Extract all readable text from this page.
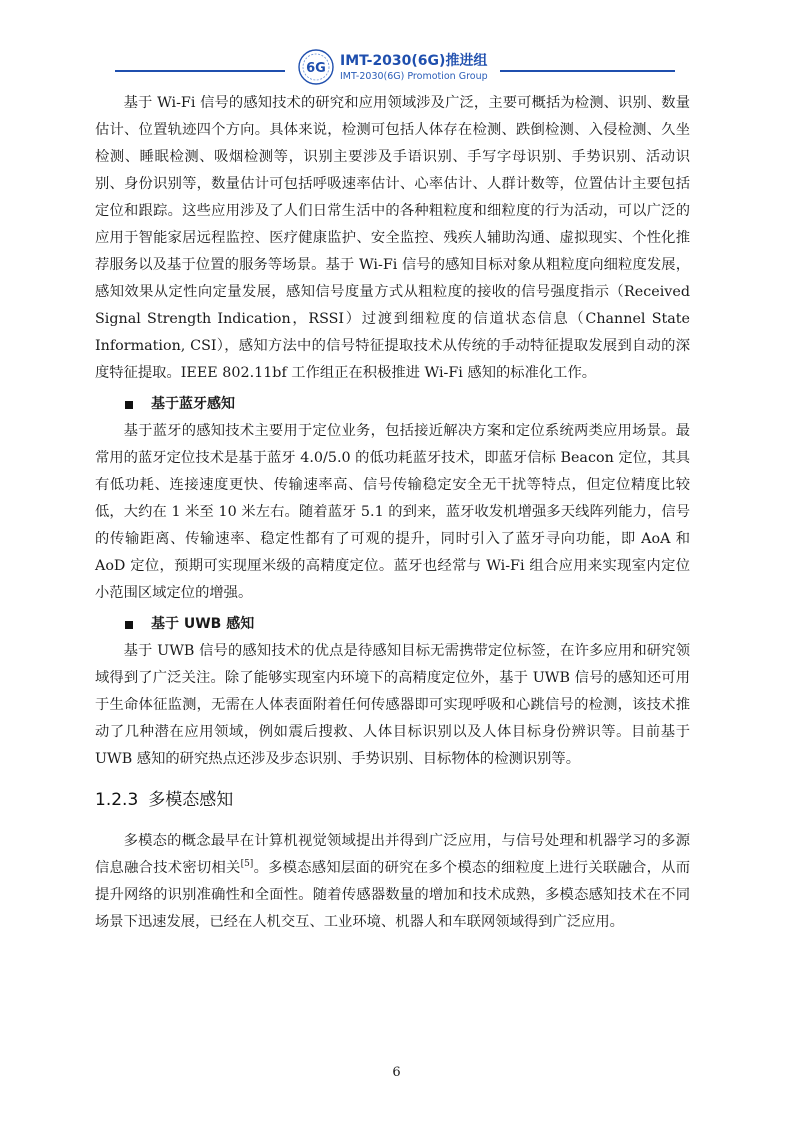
6G IMT-2030(6G)推进组
IMT-2030(6G) Promotion Group

基于 Wi-Fi 信号的感知技术的研究和应用领域涉及广泛，主要可概括为检测、识别、数量估计、位置轨迹四个方向。具体来说，检测可包括人体存在检测、跌倒检测、入侵检测、久坐检测、睡眠检测、吸烟检测等，识别主要涉及手语识别、手写字母识别、手势识别、活动识别、身份识别等，数量估计可包括呼吸速率估计、心率估计、人群计数等，位置估计主要包括定位和跟踪。这些应用涉及了人们日常生活中的各种粗粒度和细粒度的行为活动，可以广泛的应用于智能家居远程监控、医疗健康监护、安全监控、残疾人辅助沟通、虚拟现实、个性化推荐服务以及基于位置的服务等场景。基于 Wi-Fi 信号的感知目标对象从粗粒度向细粒度发展，感知效果从定性向定量发展，感知信号度量方式从粗粒度的接收的信号强度指示（Received Signal Strength Indication，RSSI）过渡到细粒度的信道状态信息（Channel State Information, CSI），感知方法中的信号特征提取技术从传统的手动特征提取发展到自动的深度特征提取。IEEE 802.11bf 工作组正在积极推进 Wi-Fi 感知的标准化工作。

基于蓝牙感知

基于蓝牙的感知技术主要用于定位业务，包括接近解决方案和定位系统两类应用场景。最常用的蓝牙定位技术是基于蓝牙 4.0/5.0 的低功耗蓝牙技术，即蓝牙信标 Beacon 定位，其具有低功耗、连接速度更快、传输速率高、信号传输稳定安全无干扰等特点，但定位精度比较低，大约在 1 米至 10 米左右。随着蓝牙 5.1 的到来，蓝牙收发机增强多天线阵列能力，信号的传输距离、传输速率、稳定性都有了可观的提升，同时引入了蓝牙寻向功能，即 AoA 和 AoD 定位，预期可实现厘米级的高精度定位。蓝牙也经常与 Wi-Fi 组合应用来实现室内定位小范围区域定位的增强。

基于 UWB 感知

基于 UWB 信号的感知技术的优点是待感知目标无需携带定位标签，在许多应用和研究领域得到了广泛关注。除了能够实现室内环境下的高精度定位外，基于 UWB 信号的感知还可用于生命体征监测，无需在人体表面附着任何传感器即可实现呼吸和心跳信号的检测，该技术推动了几种潜在应用领域，例如震后搜救、人体目标识别以及人体目标身份辨识等。目前基于 UWB 感知的研究热点还涉及步态识别、手势识别、目标物体的检测识别等。

1.2.3 多模态感知

多模态的概念最早在计算机视觉领域提出并得到广泛应用，与信号处理和机器学习的多源信息融合技术密切相关[5]。多模态感知层面的研究在多个模态的细粒度上进行关联融合，从而提升网络的识别准确性和全面性。随着传感器数量的增加和技术成熟，多模态感知技术在不同场景下迅速发展，已经在人机交互、工业环境、机器人和车联网领域得到广泛应用。

6
